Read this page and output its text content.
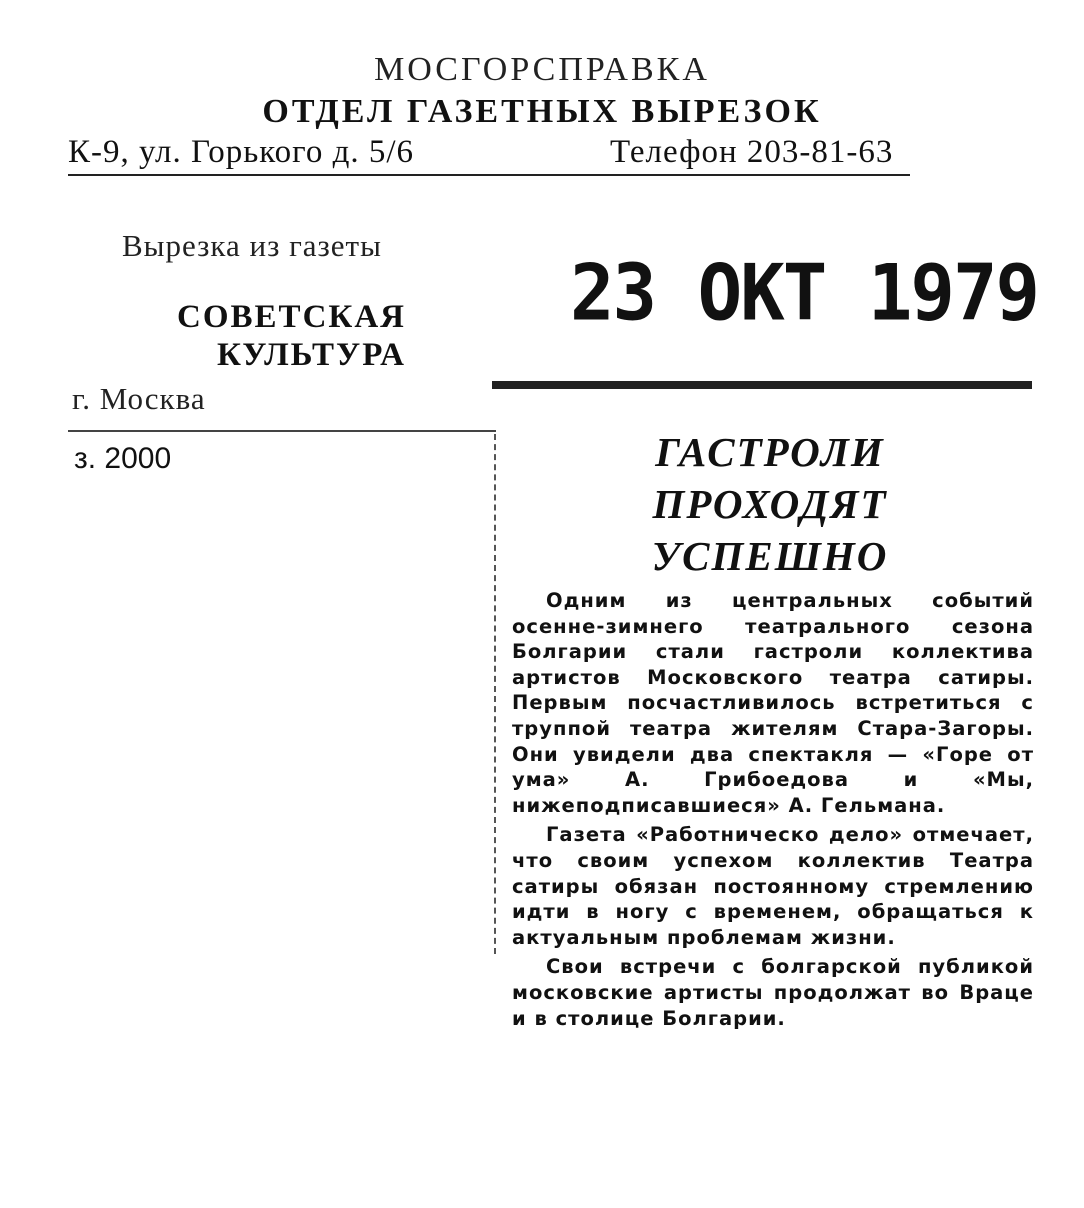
МОСГОРСПРАВКА
ОТДЕЛ ГАЗЕТНЫХ ВЫРЕЗОК
К-9, ул. Горького д. 5/6	Телефон 203-81-63
Вырезка из газеты
СОВЕТСКАЯ
КУЛЬТУРА
г. Москва
з. 2000
23 ОКТ 1979
ГАСТРОЛИ
ПРОХОДЯТ
УСПЕШНО
Одним из центральных событий осенне-зимнего театрального сезона Болгарии стали гастроли коллектива артистов Московского театра сатиры. Первым посчастливилось встретиться с труппой театра жителям Стара-Загоры. Они увидели два спектакля — «Горе от ума» А. Грибоедова и «Мы, нижеподписавшиеся» А. Гельмана.
Газета «Работническо дело» отмечает, что своим успехом коллектив Театра сатиры обязан постоянному стремлению идти в ногу с временем, обращаться к актуальным проблемам жизни.
Свои встречи с болгарской публикой московские артисты продолжат во Враце и в столице Болгарии.
